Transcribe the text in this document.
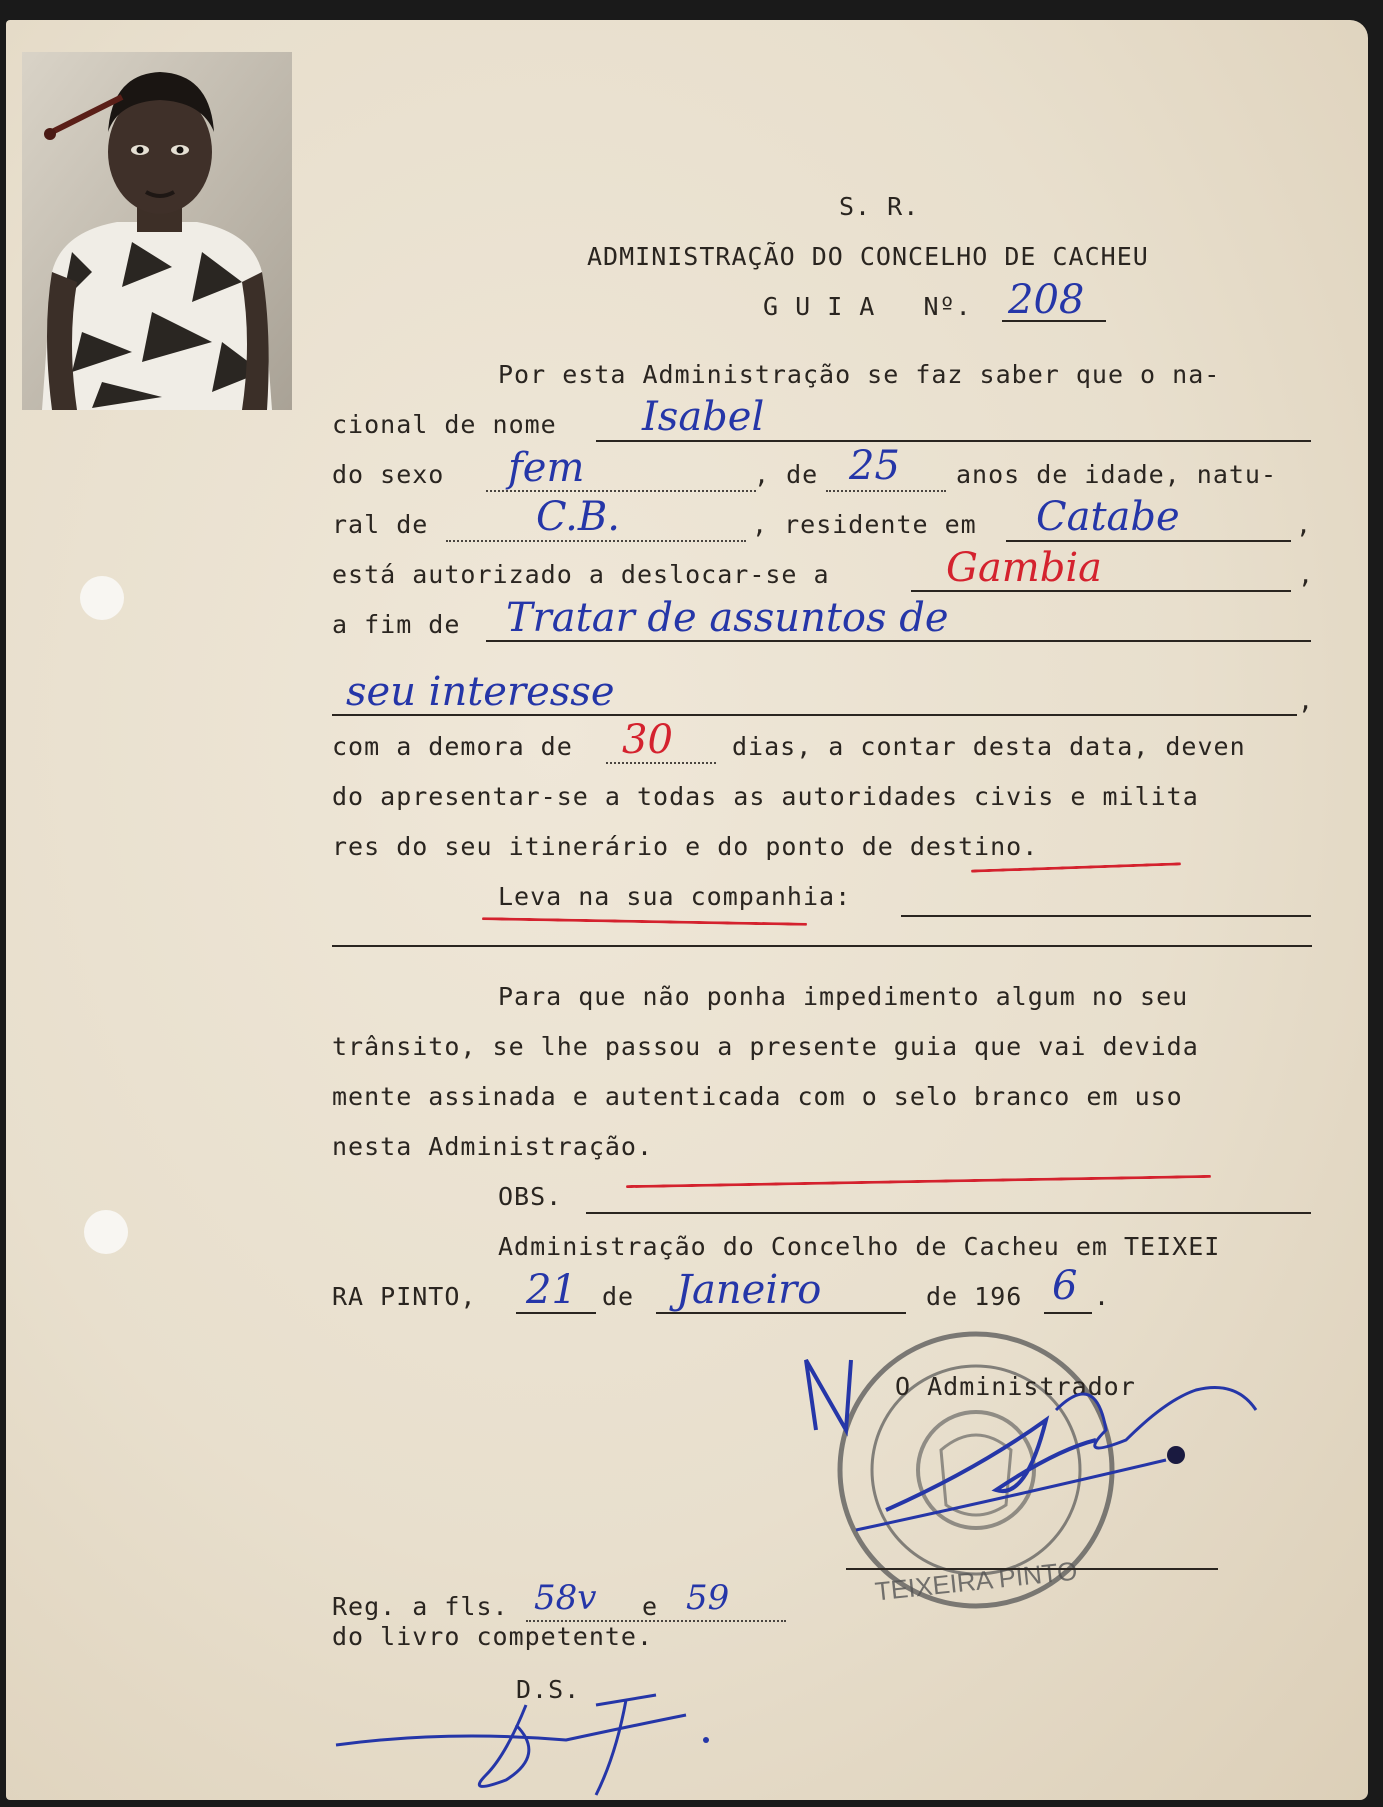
S. R.
ADMINISTRAÇÃO DO CONCELHO DE CACHEU
G U I A   Nº. 208
Por esta Administração se faz saber que o na-
cional de nome Isabel
do sexo fem	, de 25 anos de idade, natu-
ral de	C.B.	, residente em Catabe	,
está autorizado a deslocar-se a	Gambia	,
a fim de Tratar de assuntos de
seu interesse	,
com a demora de 30 dias, a contar desta data, deven
do apresentar-se a todas as autoridades civis e milita
res do seu itinerário e do ponto de destino.
Leva na sua companhia:
Para que não ponha impedimento algum no seu
trânsito, se lhe passou a presente guia que vai devida
mente assinada e autenticada com o selo branco em uso
nesta Administração.
OBS.
Administração do Concelho de Cacheu em TEIXEI
RA PINTO, 21 de Janeiro	de 196 6 .
TEIXEIRA PINTO
O Administrador
Reg. a fls. 58v e 59
do livro competente.
D.S.
